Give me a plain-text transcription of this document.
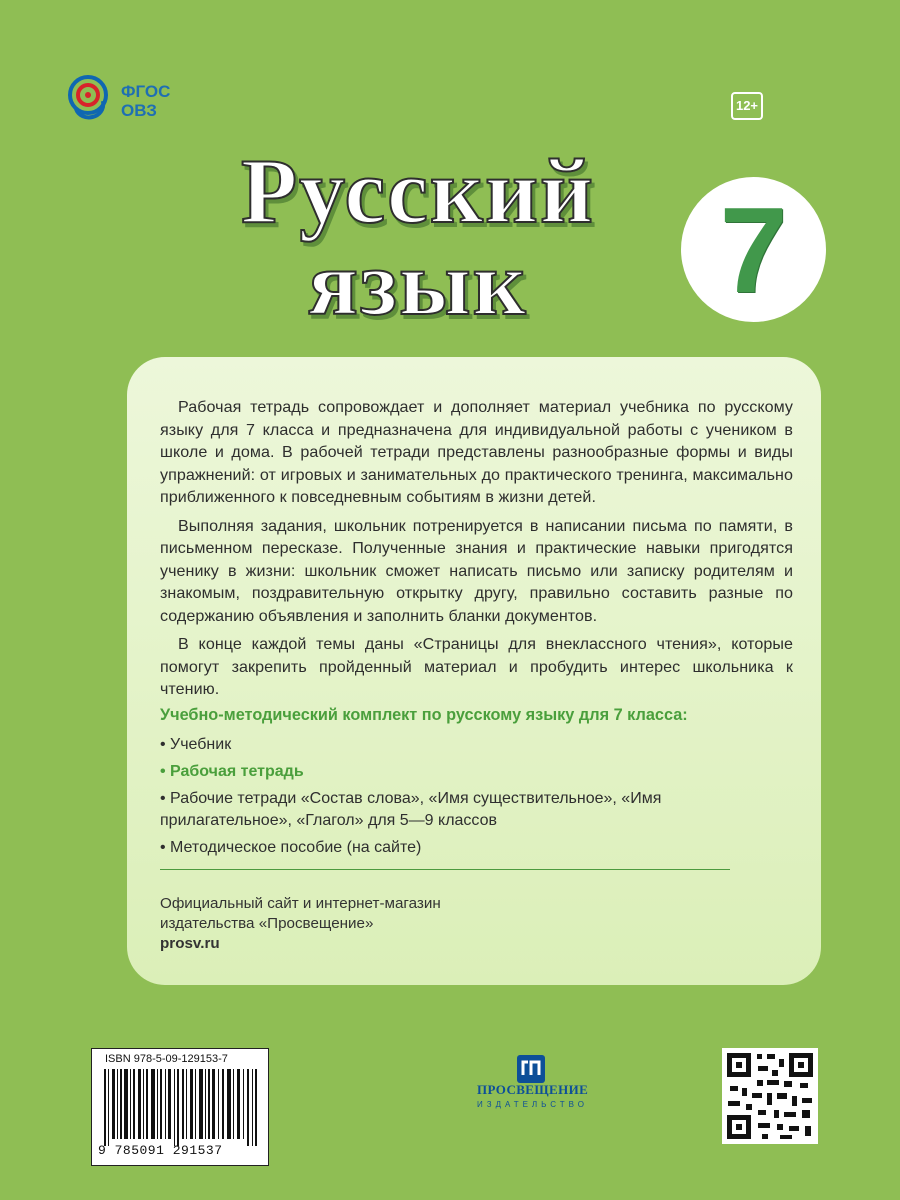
ФГОС
ОВЗ	12+
Русский
язык	7

Рабочая тетрадь сопровождает и дополняет материал учебника по русскому языку для 7 класса и предназначена для индивидуальной работы с учеником в школе и дома. В рабочей тетради представлены разнообразные формы и виды упражнений: от игровых и занимательных до практического тренинга, максимально приближенного к повседневным событиям в жизни детей.

Выполняя задания, школьник потренируется в написании письма по памяти, в письменном пересказе. Полученные знания и практические навыки пригодятся ученику в жизни: школьник сможет написать письмо или записку родителям и знакомым, поздравительную открытку другу, правильно составить разные по содержанию объявления и заполнить бланки документов.

В конце каждой темы даны «Страницы для внеклассного чтения», которые помогут закрепить пройденный материал и пробудить интерес школьника к чтению.

Учебно-методический комплект по русскому языку для 7 класса:
• Учебник
• Рабочая тетрадь
• Рабочие тетради «Состав слова», «Имя существительное», «Имя прилагательное», «Глагол» для 5—9 классов
• Методическое пособие (на сайте)
Официальный сайт и интернет-магазин
издательства «Просвещение»
prosv.ru
ISBN 978-5-09-129153-7
9 785091 291537
ПРОСВЕЩЕНИЕ
ИЗДАТЕЛЬСТВО
